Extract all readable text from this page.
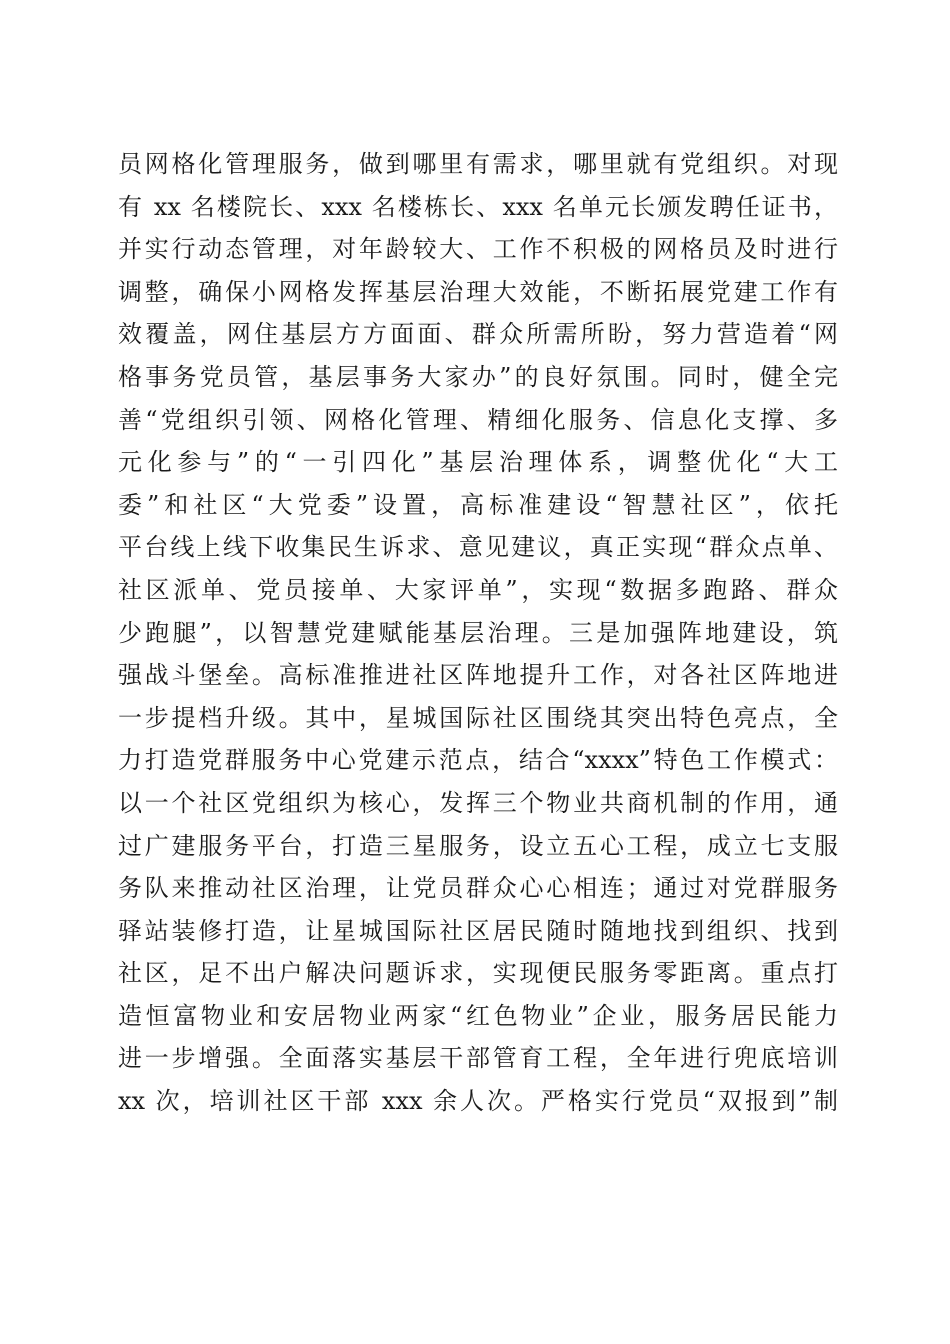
员网格化管理服务，做到哪里有需求，哪里就有党组织。对现
有 xx 名楼院长、xxx 名楼栋长、xxx 名单元长颁发聘任证书，
并实行动态管理，对年龄较大、工作不积极的网格员及时进行
调整，确保小网格发挥基层治理大效能，不断拓展党建工作有
效覆盖，网住基层方方面面、群众所需所盼，努力营造着“网
格事务党员管，基层事务大家办”的良好氛围。同时，健全完
善“党组织引领、网格化管理、精细化服务、信息化支撑、多
元化参与”的“一引四化”基层治理体系，调整优化“大工
委”和社区“大党委”设置，高标准建设“智慧社区”，依托
平台线上线下收集民生诉求、意见建议，真正实现“群众点单、
社区派单、党员接单、大家评单”，实现“数据多跑路、群众
少跑腿”，以智慧党建赋能基层治理。三是加强阵地建设，筑
强战斗堡垒。高标准推进社区阵地提升工作，对各社区阵地进
一步提档升级。其中，星城国际社区围绕其突出特色亮点，全
力打造党群服务中心党建示范点，结合“xxxx”特色工作模式：
以一个社区党组织为核心，发挥三个物业共商机制的作用，通
过广建服务平台，打造三星服务，设立五心工程，成立七支服
务队来推动社区治理，让党员群众心心相连；通过对党群服务
驿站装修打造，让星城国际社区居民随时随地找到组织、找到
社区，足不出户解决问题诉求，实现便民服务零距离。重点打
造恒富物业和安居物业两家“红色物业”企业，服务居民能力
进一步增强。全面落实基层干部管育工程，全年进行兜底培训
xx 次，培训社区干部 xxx 余人次。严格实行党员“双报到”制
